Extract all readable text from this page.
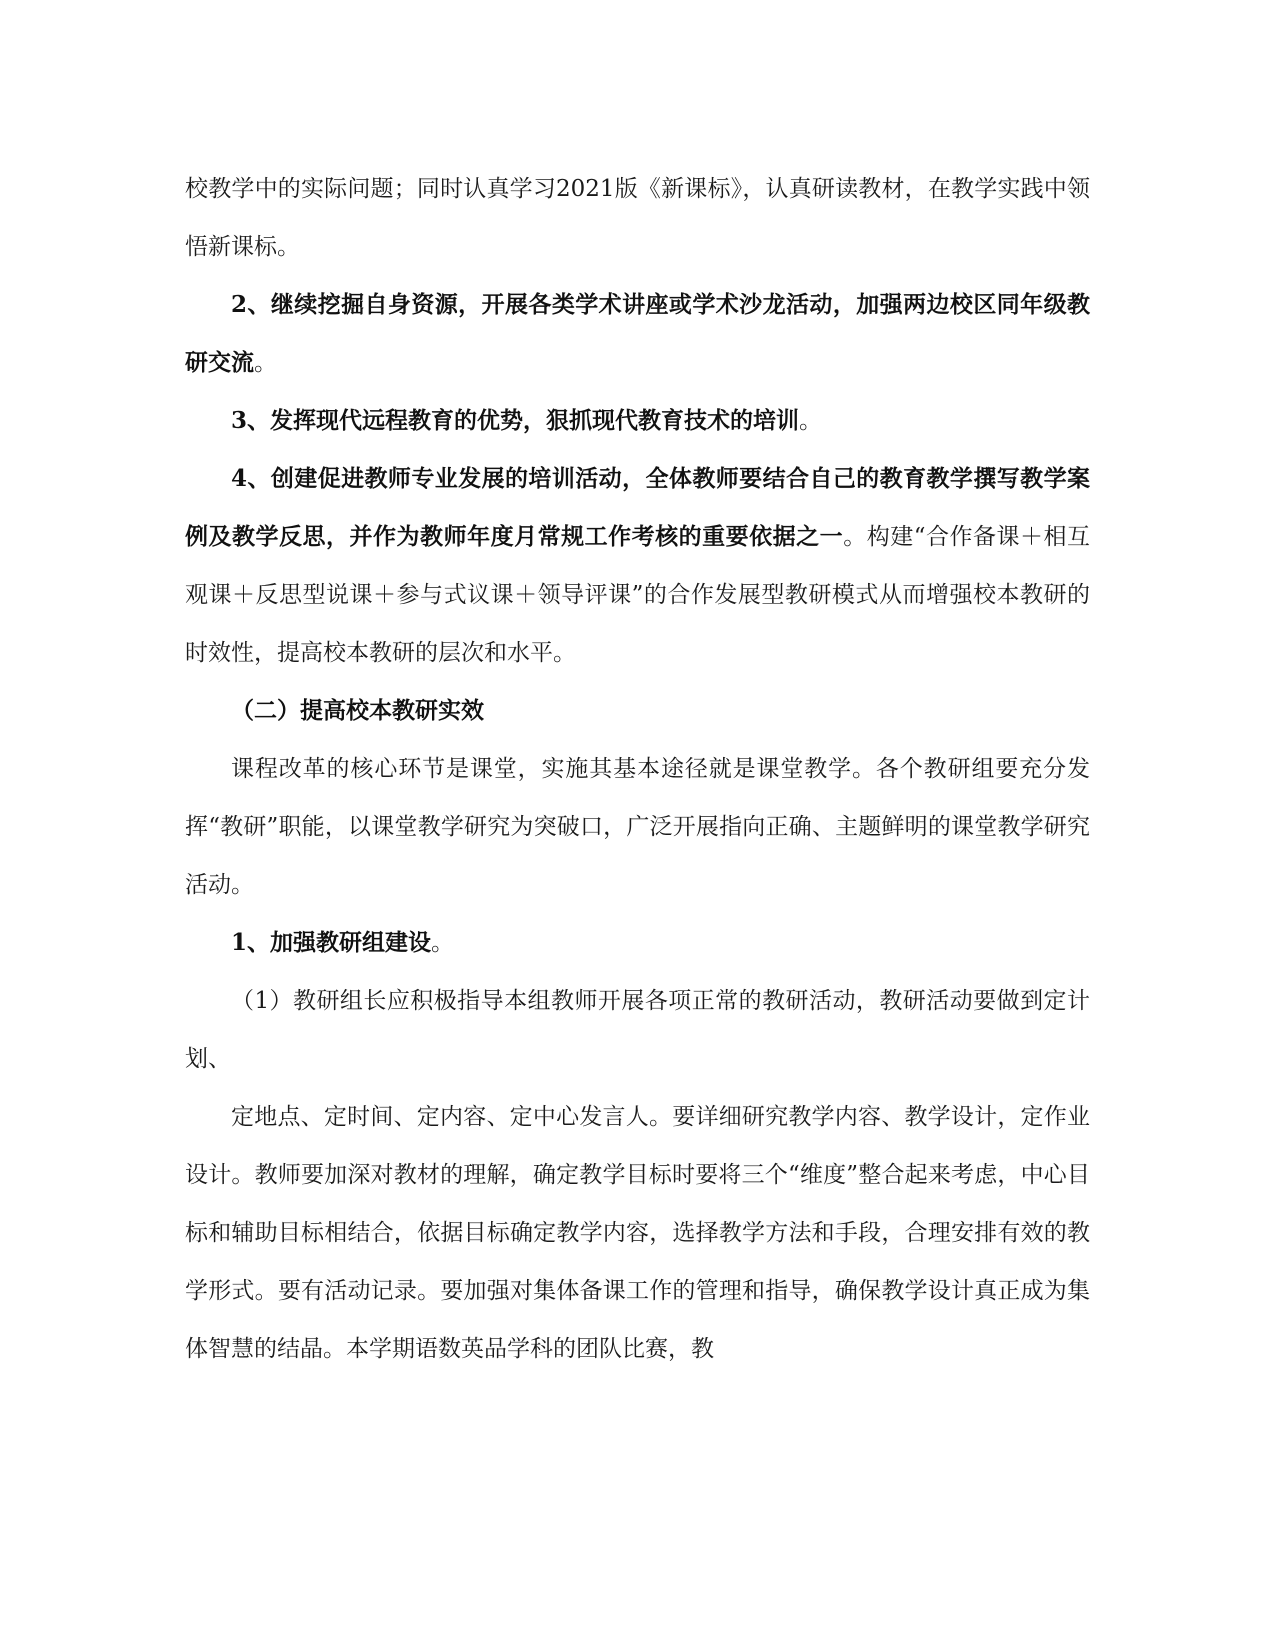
校教学中的实际问题；同时认真学习2021版《新课标》，认真研读教材，在教学实践中领悟新课标。

2、继续挖掘自身资源，开展各类学术讲座或学术沙龙活动，加强两边校区同年级教研交流。

3、发挥现代远程教育的优势，狠抓现代教育技术的培训。

4、创建促进教师专业发展的培训活动，全体教师要结合自己的教育教学撰写教学案例及教学反思，并作为教师年度月常规工作考核的重要依据之一。构建“合作备课＋相互观课＋反思型说课＋参与式议课＋领导评课”的合作发展型教研模式从而增强校本教研的时效性，提高校本教研的层次和水平。

（二）提高校本教研实效

课程改革的核心环节是课堂，实施其基本途径就是课堂教学。各个教研组要充分发挥“教研”职能，以课堂教学研究为突破口，广泛开展指向正确、主题鲜明的课堂教学研究活动。

1、加强教研组建设。

（1）教研组长应积极指导本组教师开展各项正常的教研活动，教研活动要做到定计划、

定地点、定时间、定内容、定中心发言人。要详细研究教学内容、教学设计，定作业设计。教师要加深对教材的理解，确定教学目标时要将三个“维度”整合起来考虑，中心目标和辅助目标相结合，依据目标确定教学内容，选择教学方法和手段，合理安排有效的教学形式。要有活动记录。要加强对集体备课工作的管理和指导，确保教学设计真正成为集体智慧的结晶。本学期语数英品学科的团队比赛，教
